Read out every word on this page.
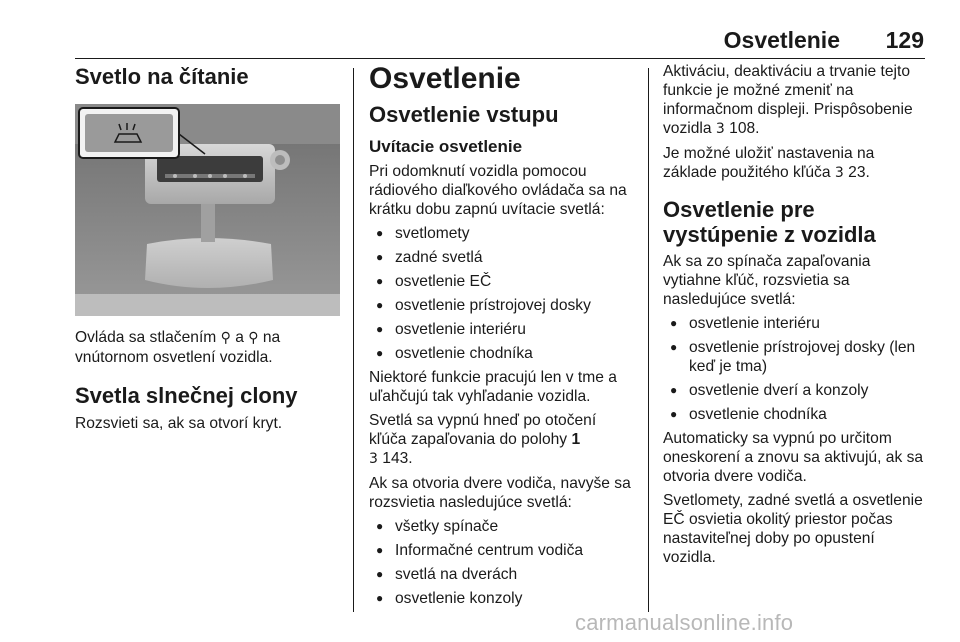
Osvetlenie 129
Svetlo na čítanie

Ovláda sa stlačením ⚲ a ⚲ na vnútornom osvetlení vozidla.

Svetla slnečnej clony

Rozsvieti sa, ak sa otvorí kryt.

Osvetlenie
Osvetlenie vstupu
Uvítacie osvetlenie

Pri odomknutí vozidla pomocou rádiového diaľkového ovládača sa na krátku dobu zapnú uvítacie svetlá:

● svetlomety
● zadné svetlá
● osvetlenie EČ
● osvetlenie prístrojovej dosky
● osvetlenie interiéru
● osvetlenie chodníka

Niektoré funkcie pracujú len v tme a uľahčujú tak vyhľadanie vozidla.

Svetlá sa vypnú hneď po otočení kľúča zapaľovania do polohy 1
3 143.

Ak sa otvoria dvere vodiča, navyše sa rozsvietia nasledujúce svetlá:

● všetky spínače
● Informačné centrum vodiča
● svetlá na dverách
● osvetlenie konzoly

Aktiváciu, deaktiváciu a trvanie tejto funkcie je možné zmeniť na informačnom displeji. Prispôsobenie vozidla 3 108.

Je možné uložiť nastavenia na základe použitého kľúča 3 23.

Osvetlenie pre vystúpenie z vozidla

Ak sa zo spínača zapaľovania vytiahne kľúč, rozsvietia sa nasledujúce svetlá:

● osvetlenie interiéru
● osvetlenie prístrojovej dosky (len keď je tma)
● osvetlenie dverí a konzoly
● osvetlenie chodníka

Automaticky sa vypnú po určitom oneskorení a znovu sa aktivujú, ak sa otvoria dvere vodiča.

Svetlomety, zadné svetlá a osvetlenie EČ osvietia okolitý priestor počas nastaviteľnej doby po opustení vozidla.

carmanualsonline.info
